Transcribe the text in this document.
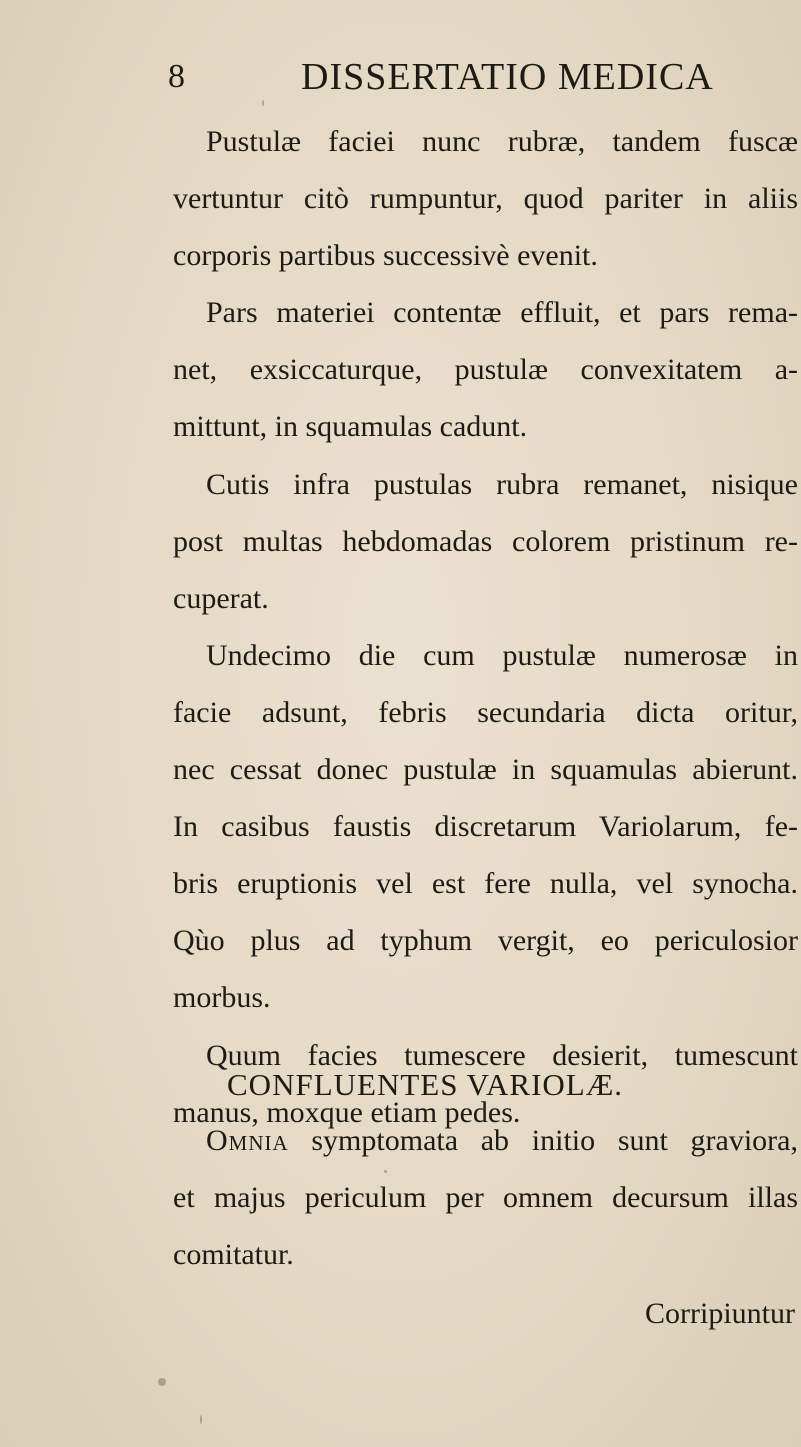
8	DISSERTATIO MEDICA
Pustulæ faciei nunc rubræ, tandem fuscæ
vertuntur citò rumpuntur, quod pariter in aliis
corporis partibus successivè evenit.
Pars materiei contentæ effluit, et pars rema-
net, exsiccaturque, pustulæ convexitatem a-
mittunt, in squamulas cadunt.
Cutis infra pustulas rubra remanet, nisique
post multas hebdomadas colorem pristinum re-
cuperat.
Undecimo die cum pustulæ numerosæ in
facie adsunt, febris secundaria dicta oritur,
nec cessat donec pustulæ in squamulas abierunt.
In casibus faustis discretarum Variolarum, fe-
bris eruptionis vel est fere nulla, vel synocha.
Qùo plus ad typhum vergit, eo periculosior
morbus.
Quum facies tumescere desierit, tumescunt
manus, moxque etiam pedes.
CONFLUENTES VARIOLÆ.
Omnia symptomata ab initio sunt graviora,
et majus periculum per omnem decursum illas
comitatur.
Corripiuntur
